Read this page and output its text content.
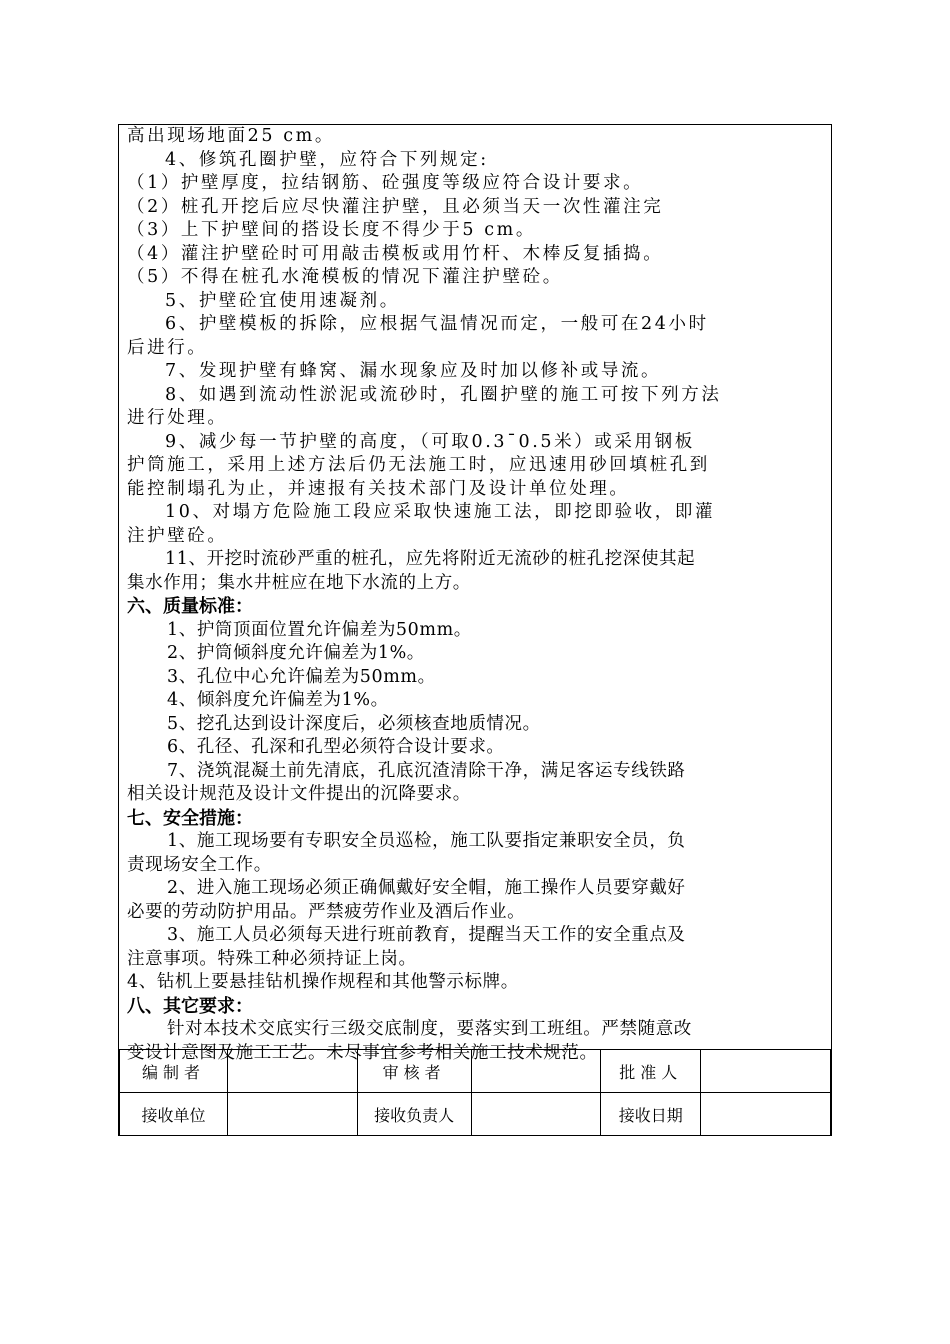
高出现场地面25 cm。
4、修筑孔圈护壁，应符合下列规定:
（1）护壁厚度，拉结钢筋、砼强度等级应符合设计要求。
（2）桩孔开挖后应尽快灌注护壁，且必须当天一次性灌注完
（3）上下护壁间的搭设长度不得少于5 cm。
（4）灌注护壁砼时可用敲击模板或用竹杆、木棒反复插捣。
（5）不得在桩孔水淹模板的情况下灌注护壁砼。
5、护壁砼宜使用速凝剂。
6、护壁模板的拆除，应根据气温情况而定，一般可在24小时
后进行。
7、发现护壁有蜂窝、漏水现象应及时加以修补或导流。
8、如遇到流动性淤泥或流砂时，孔圈护壁的施工可按下列方法
进行处理。
9、减少每一节护壁的高度，（可取0.3¯0.5米）或采用钢板
护筒施工，采用上述方法后仍无法施工时，应迅速用砂回填桩孔到
能控制塌孔为止，并速报有关技术部门及设计单位处理。
10、对塌方危险施工段应采取快速施工法，即挖即验收，即灌
注护壁砼。
11、开挖时流砂严重的桩孔，应先将附近无流砂的桩孔挖深使其起
集水作用；集水井桩应在地下水流的上方。
六、质量标准：
1、护筒顶面位置允许偏差为50mm。
2、护筒倾斜度允许偏差为1%。
3、孔位中心允许偏差为50mm。
4、倾斜度允许偏差为1%。
5、挖孔达到设计深度后，必须核查地质情况。
6、孔径、孔深和孔型必须符合设计要求。
7、浇筑混凝土前先清底，孔底沉渣清除干净，满足客运专线铁路
相关设计规范及设计文件提出的沉降要求。
七、安全措施：
1、施工现场要有专职安全员巡检，施工队要指定兼职安全员，负
责现场安全工作。
2、进入施工现场必须正确佩戴好安全帽，施工操作人员要穿戴好
必要的劳动防护用品。严禁疲劳作业及酒后作业。
3、施工人员必须每天进行班前教育，提醒当天工作的安全重点及
注意事项。特殊工种必须持证上岗。
4、钻机上要悬挂钻机操作规程和其他警示标牌。
八、其它要求：
针对本技术交底实行三级交底制度，要落实到工班组。严禁随意改
变设计意图及施工工艺。未尽事宜参考相关施工技术规范。
编制者		审核者		批准人	
接收单位		接收负责人		接收日期	
